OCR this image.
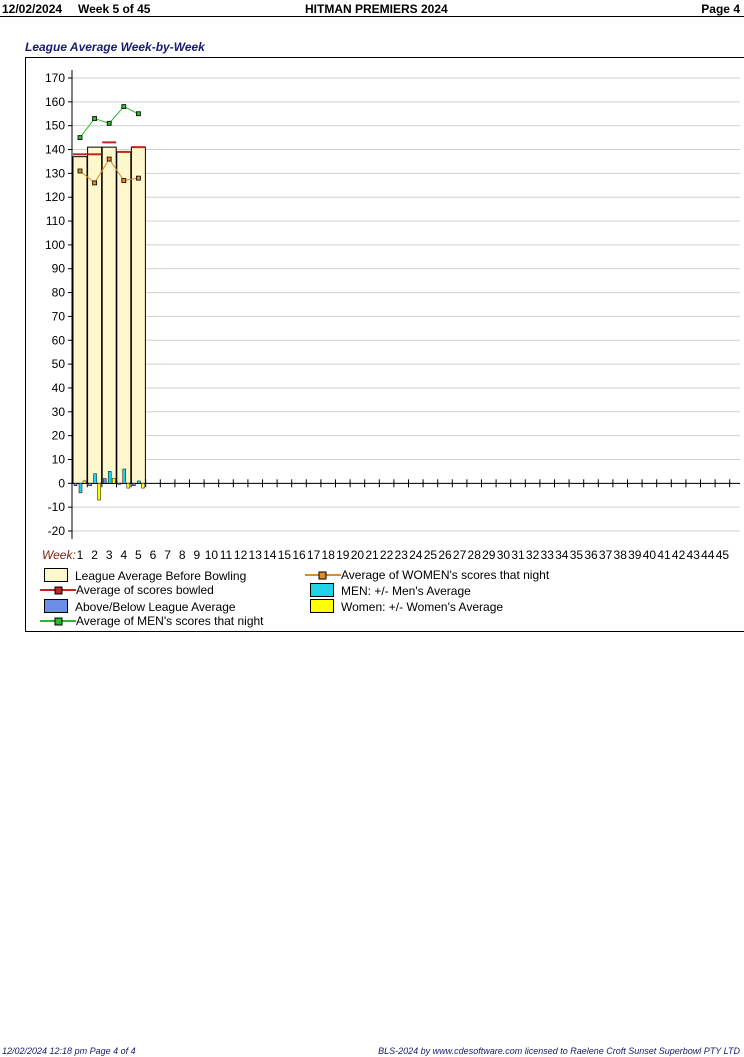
12/02/2024 Week 5 of 45	HITMAN PREMIERS 2024	Page 4
League Average Week-by-Week
170
160
150
140
130
120
110
100
90
80
70
60
50
40
30
20
10
0
-10
-20
1 2 3 4 5 6 7 8 9 10 11 12 13 14 15 16 17 18 19 20 21 22 23 24 25 26 27 28 29 30 31 32 33 34 35 36 37 38 39 40 41 42 43 44 45
Week:
League Average Before Bowling	Average of WOMEN's scores that night
Average of scores bowled	MEN: +/- Men's Average
Above/Below League Average	Women: +/- Women's Average
Average of MEN's scores that night
12/02/2024 12:18 pm Page 4 of 4	BLS-2024 by www.cdesoftware.com licensed to Raelene Croft Sunset Superbowl PTY LTD
